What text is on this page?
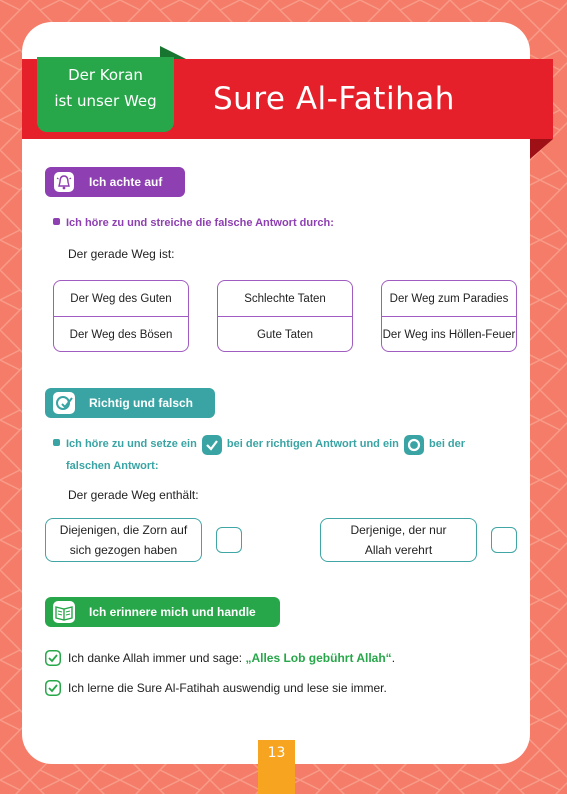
Sure Al-Fatihah
Der Koran
ist unser Weg
Ich achte auf
Ich höre zu und streiche die falsche Antwort durch:
Der gerade Weg ist:
Der Weg des Guten
Der Weg des Bösen
Schlechte Taten
Gute Taten
Der Weg zum Paradies
Der Weg ins Höllen-Feuer
Richtig und falsch
Ich höre zu und setze ein	bei der richtigen Antwort und ein	bei der
falschen Antwort:
Der gerade Weg enthält:
Diejenigen, die Zorn auf
sich gezogen haben
Derjenige, der nur
Allah verehrt
Ich erinnere mich und handle
Ich danke Allah immer und sage:
„Alles Lob gebührt Allah“ .
Ich lerne die Sure Al-Fatihah auswendig und lese sie immer.
13
